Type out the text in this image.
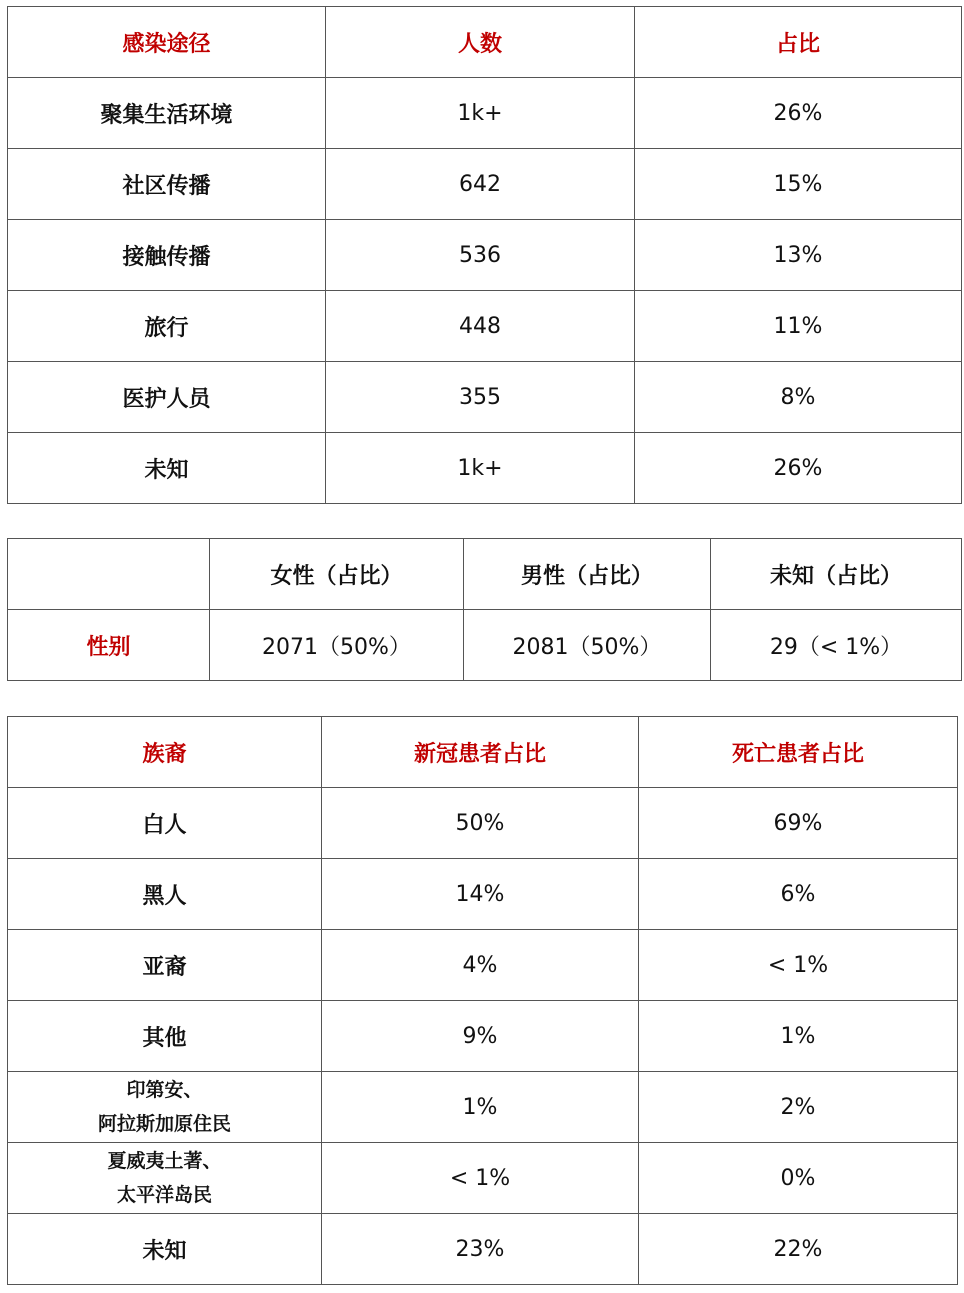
感染途径	人数	占比
聚集生活环境	1k+	26%
社区传播	642	15%
接触传播	536	13%
旅行	448	11%
医护人员	355	8%
未知	1k+	26%
	女性（占比）	男性（占比）	未知（占比）
性别	2071（50%）	2081（50%）	29（< 1%）
族裔	新冠患者占比	死亡患者占比
白人	50%	69%
黑人	14%	6%
亚裔	4%	< 1%
其他	9%	1%

印第安、
阿拉斯加原住民	1%	2%

夏威夷土著、
太平洋岛民	< 1%	0%
未知	23%	22%
